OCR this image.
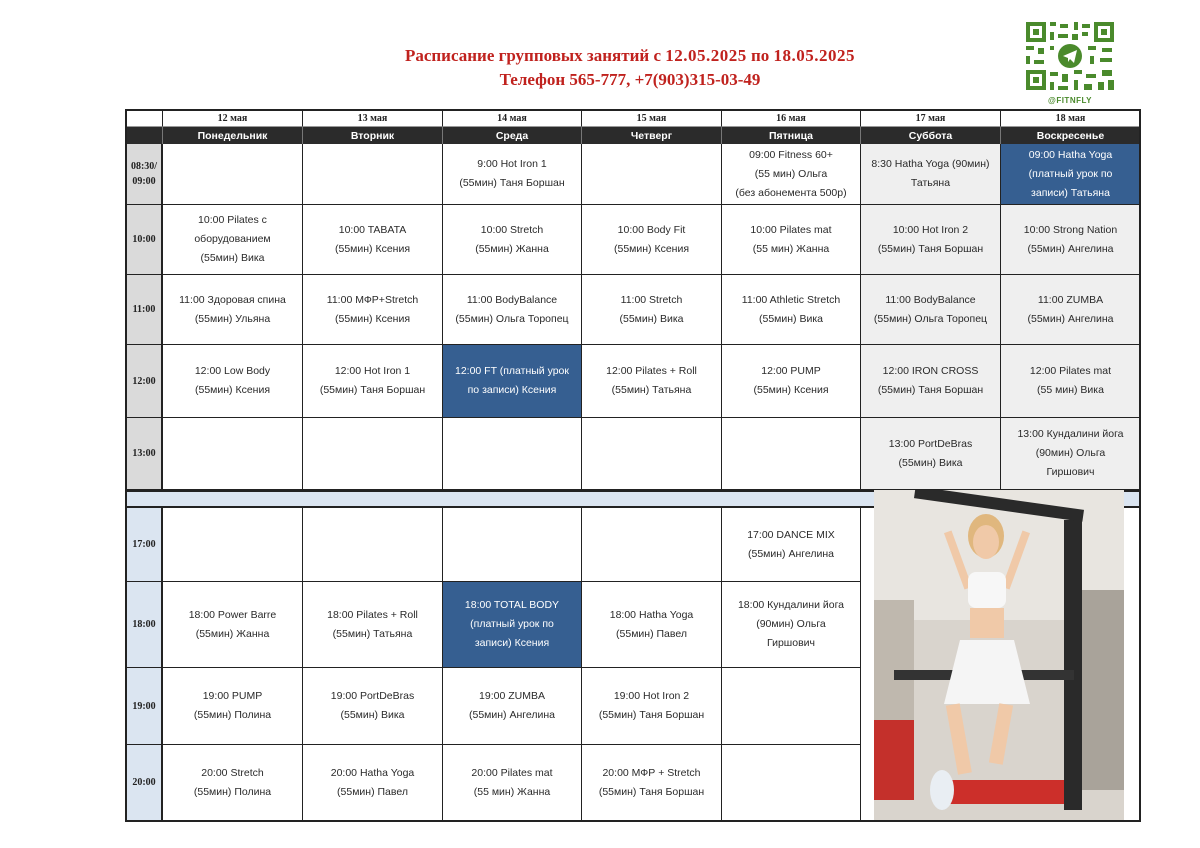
Расписание групповых занятий с 12.05.2025 по 18.05.2025
Телефон 565-777, +7(903)315-03-49
@FITNFLY
12 мая
Понедельник
13 мая
Вторник
14 мая
Среда
15 мая
Четверг
16 мая
Пятница
17 мая
Суббота
18 мая
Воскресенье
08:30/
09:00
9:00 Hot Iron 1
(55мин) Таня Боршан
09:00 Fitness 60+
(55 мин) Ольга
(без абонемента 500р)
8:30 Hatha Yoga (90мин)
Татьяна
09:00 Hatha Yoga
(платный урок по
записи) Татьяна
10:00
10:00 Pilates с
оборудованием
(55мин) Вика
10:00 TABATA
(55мин) Ксения
10:00 Stretch
(55мин) Жанна
10:00 Body Fit
(55мин) Ксения
10:00 Pilates mat
(55 мин) Жанна
10:00 Hot Iron 2
(55мин) Таня Боршан
10:00 Strong Nation
(55мин) Ангелина
11:00
11:00 Здоровая спина
(55мин) Ульяна
11:00 МФР+Stretch
(55мин) Ксения
11:00 BodyBalance
(55мин) Ольга Торопец
11:00 Stretch
(55мин) Вика
11:00 Athletic Stretch
(55мин) Вика
11:00 BodyBalance
(55мин) Ольга Торопец
11:00 ZUMBA
(55мин) Ангелина
12:00
12:00 Low Body
(55мин) Ксения
12:00 Hot Iron 1
(55мин) Таня Боршан
12:00 FT (платный урок
по записи) Ксения
12:00 Pilates + Roll
(55мин) Татьяна
12:00 PUMP
(55мин) Ксения
12:00 IRON CROSS
(55мин) Таня Боршан
12:00 Pilates mat
(55 мин) Вика
13:00
13:00 PortDeBras
(55мин) Вика
13:00 Кундалини йога
(90мин) Ольга
Гиршович
17:00
17:00 DANCE MIX
(55мин) Ангелина
18:00
18:00 Power Barre
(55мин) Жанна
18:00 Pilates + Roll
(55мин) Татьяна
18:00 TOTAL BODY
(платный урок по
записи) Ксения
18:00 Hatha Yoga
(55мин) Павел
18:00 Кундалини йога
(90мин) Ольга
Гиршович
19:00
19:00 PUMP
(55мин) Полина
19:00 PortDeBras
(55мин) Вика
19:00 ZUMBA
(55мин) Ангелина
19:00 Hot Iron 2
(55мин) Таня Боршан
20:00
20:00 Stretch
(55мин) Полина
20:00 Hatha Yoga
(55мин) Павел
20:00 Pilates mat
(55 мин) Жанна
20:00 МФР + Stretch
(55мин) Таня Боршан
